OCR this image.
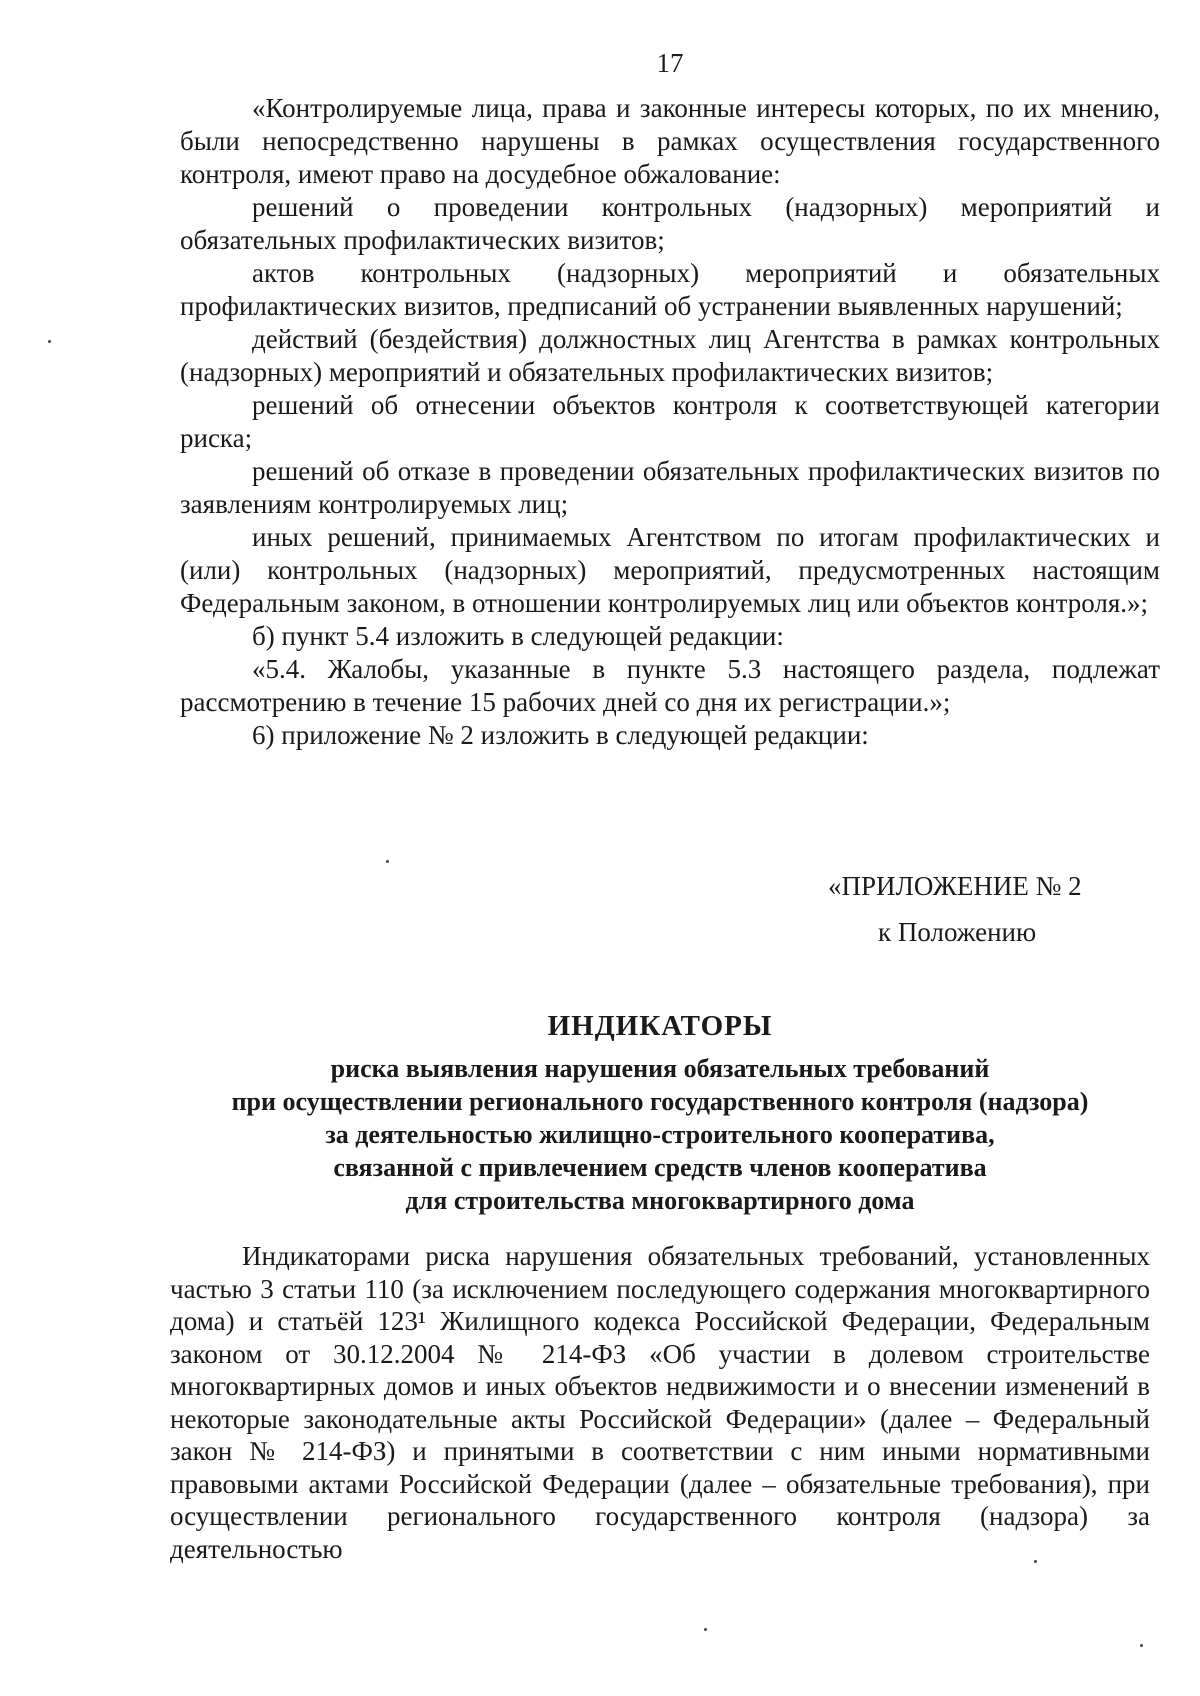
17

«Контролируемые лица, права и законные интересы которых, по их мнению, были непосредственно нарушены в рамках осуществления государственного контроля, имеют право на досудебное обжалование:

решений о проведении контрольных (надзорных) мероприятий и обязательных профилактических визитов;

актов контрольных (надзорных) мероприятий и обязательных профилактических визитов, предписаний об устранении выявленных нарушений;

действий (бездействия) должностных лиц Агентства в рамках контрольных (надзорных) мероприятий и обязательных профилактических визитов;

решений об отнесении объектов контроля к соответствующей категории риска;

решений об отказе в проведении обязательных профилактических визитов по заявлениям контролируемых лиц;

иных решений, принимаемых Агентством по итогам профилактических и (или) контрольных (надзорных) мероприятий, предусмотренных настоящим Федеральным законом, в отношении контролируемых лиц или объектов контроля.»;

б) пункт 5.4 изложить в следующей редакции:

«5.4. Жалобы, указанные в пункте 5.3 настоящего раздела, подлежат рассмотрению в течение 15 рабочих дней со дня их регистрации.»;

6) приложение № 2 изложить в следующей редакции:

«ПРИЛОЖЕНИЕ № 2
к Положению
ИНДИКАТОРЫ
риска выявления нарушения обязательных требований
при осуществлении регионального государственного контроля (надзора)
за деятельностью жилищно-строительного кооператива,
связанной с привлечением средств членов кооператива
для строительства многоквартирного дома

Индикаторами риска нарушения обязательных требований, установленных частью 3 статьи 110 (за исключением последующего содержания многоквартирного дома) и статьёй 123¹ Жилищного кодекса Российской Федерации, Федеральным законом от 30.12.2004 № 214-ФЗ «Об участии в долевом строительстве многоквартирных домов и иных объектов недвижимости и о внесении изменений в некоторые законодательные акты Российской Федерации» (далее – Федеральный закон № 214-ФЗ) и принятыми в соответствии с ним иными нормативными правовыми актами Российской Федерации (далее – обязательные требования), при осуществлении регионального государственного контроля (надзора) за деятельностью
